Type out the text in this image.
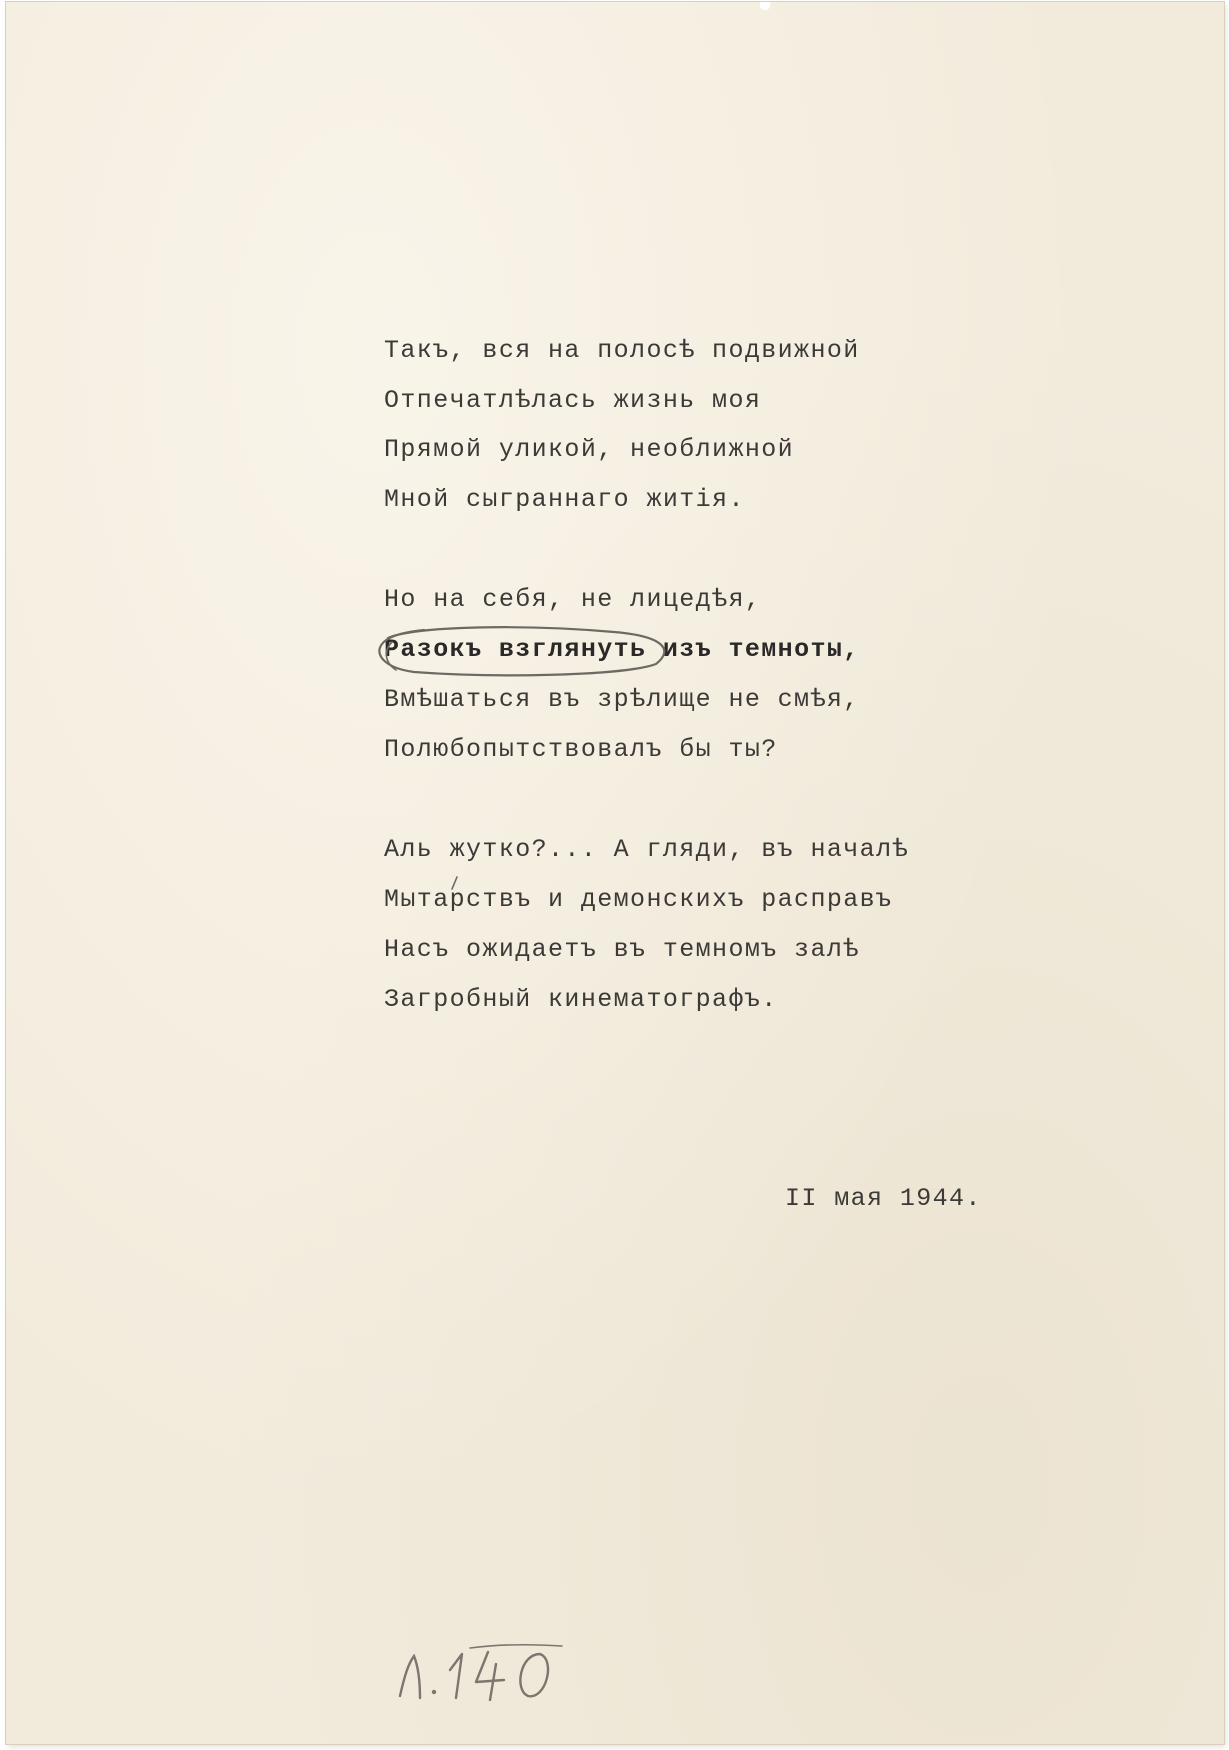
Такъ, вся на полосѣ подвижной

Отпечатлѣлась жизнь моя

Прямой уликой, неоближной

Мной сыграннаго житія.

Но на себя, не лицедѣя,

Разокъ взглянуть изъ темноты,

Вмѣшаться въ зрѣлище не смѣя,

Полюбопытствовалъ бы ты?

Аль жутко?... А гляди, въ началѣ

Мытарствъ и демонскихъ расправъ

Насъ ожидаетъ въ темномъ залѣ

Загробный кинематографъ.

II мая 1944.
